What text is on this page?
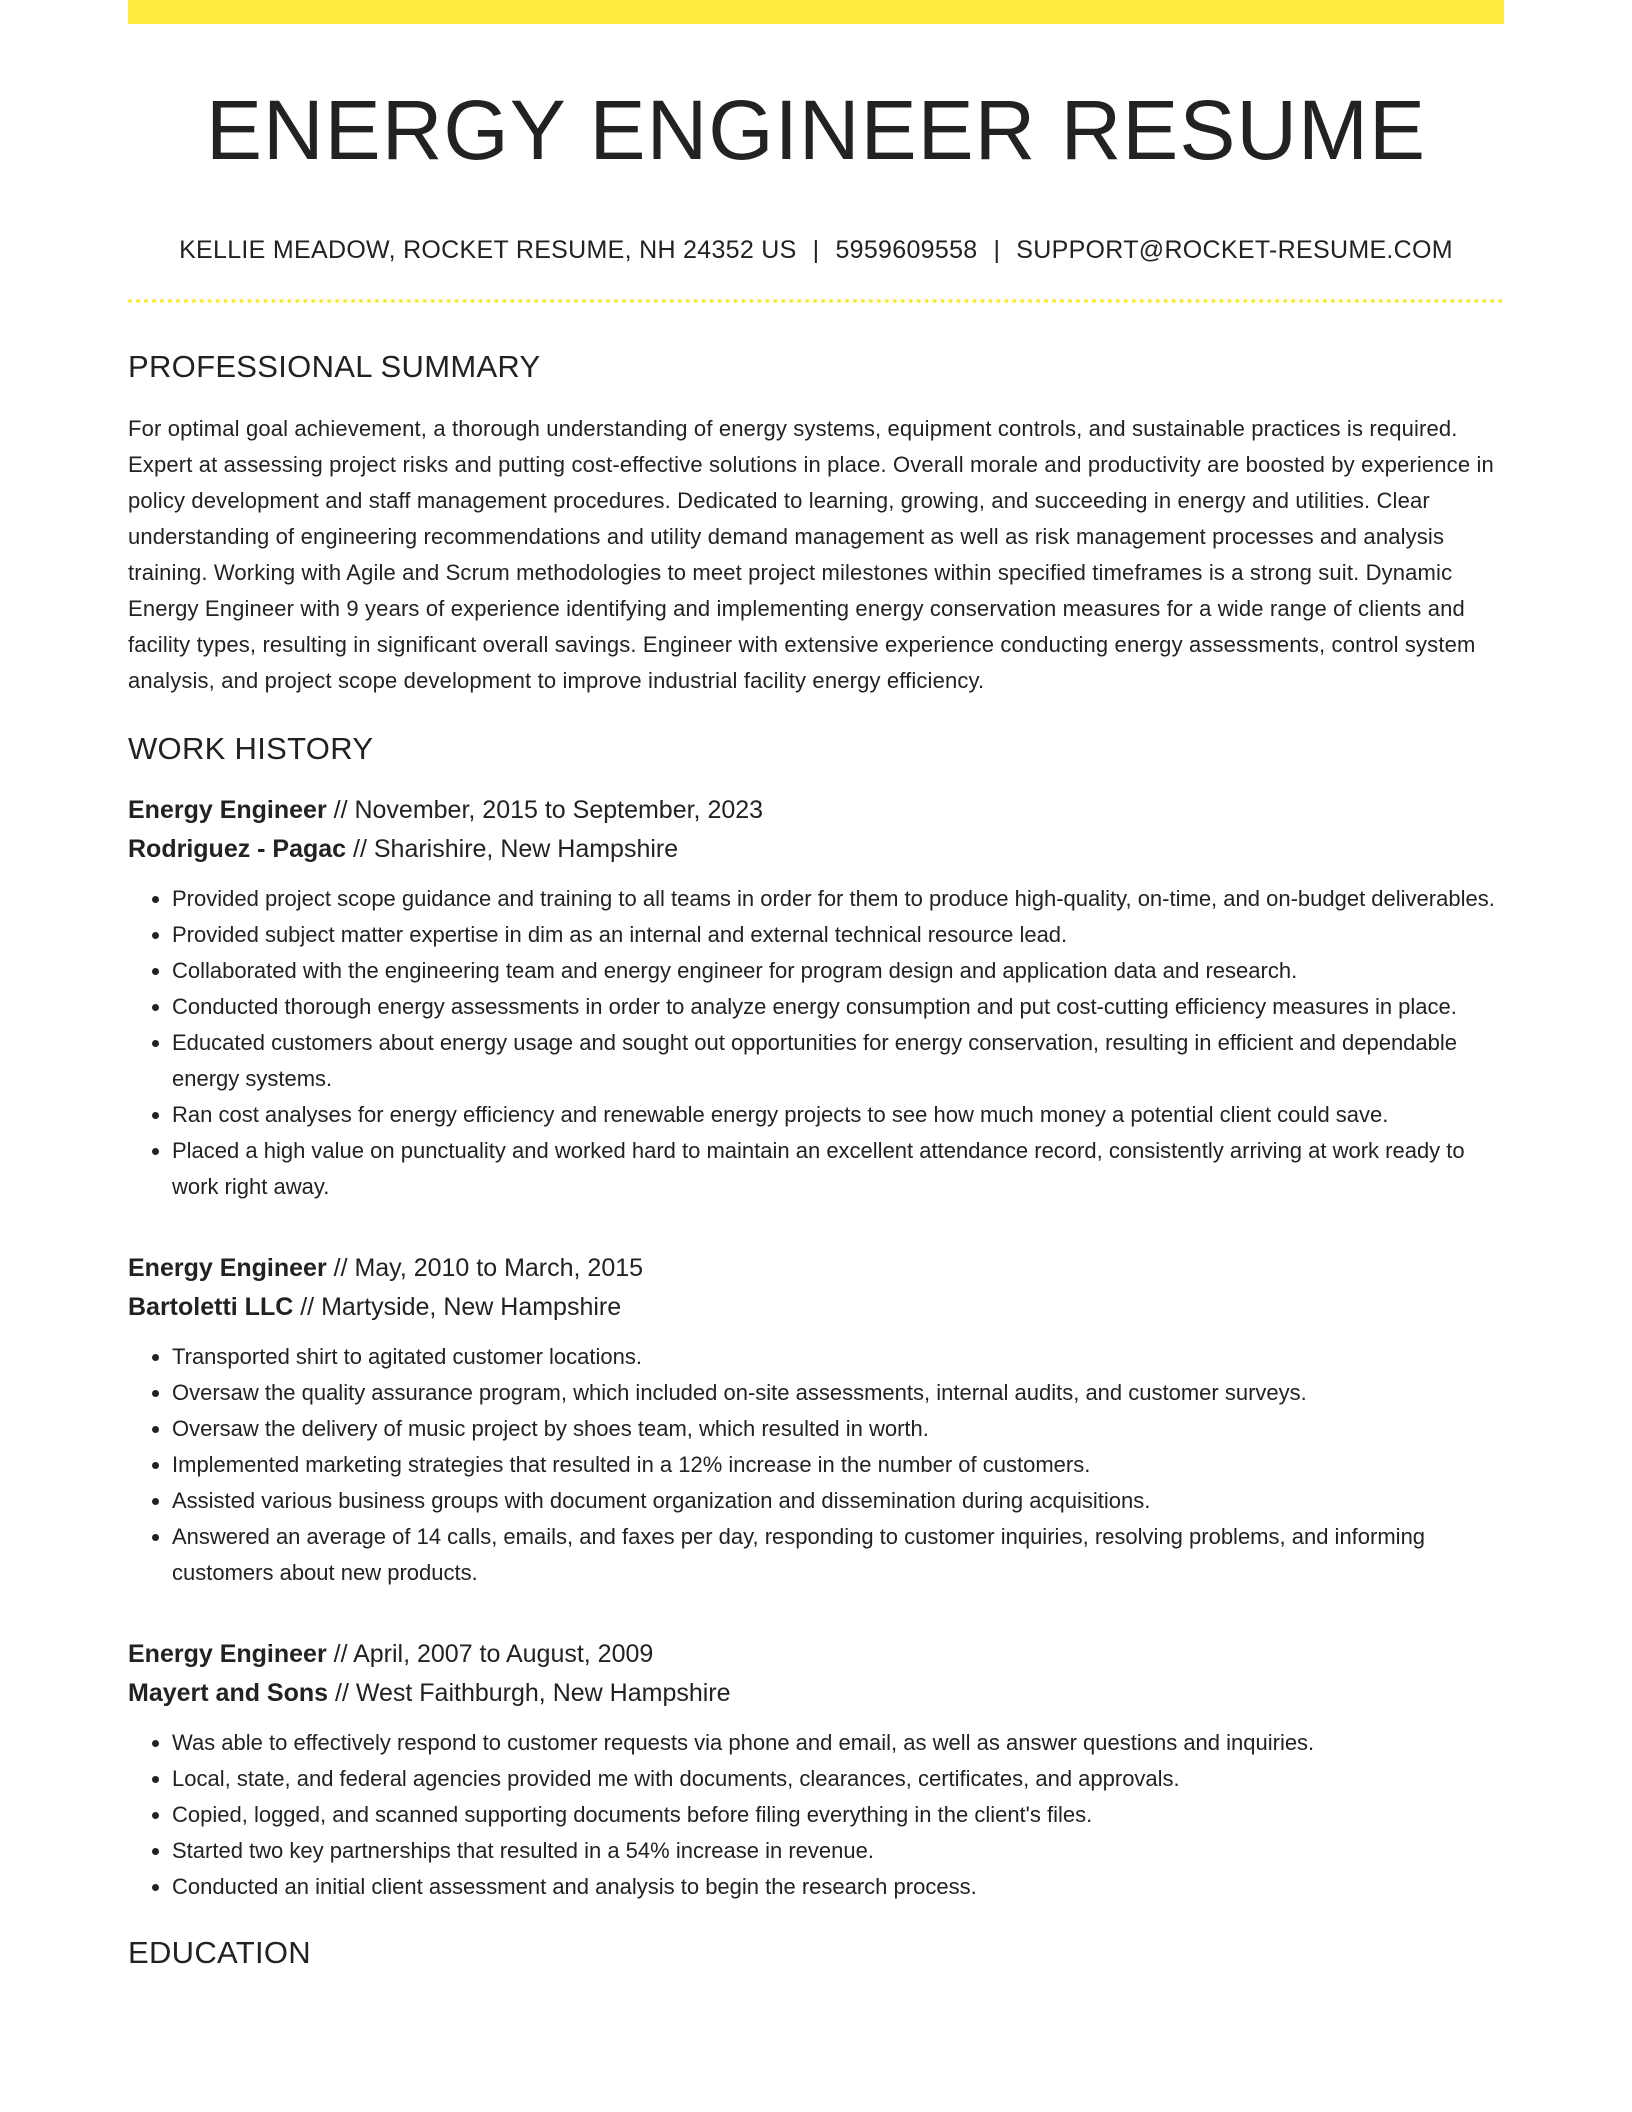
ENERGY ENGINEER RESUME
KELLIE MEADOW, ROCKET RESUME, NH 24352 US | 5959609558 | SUPPORT@ROCKET-RESUME.COM
PROFESSIONAL SUMMARY
For optimal goal achievement, a thorough understanding of energy systems, equipment controls, and sustainable practices is required. Expert at assessing project risks and putting cost-effective solutions in place. Overall morale and productivity are boosted by experience in policy development and staff management procedures. Dedicated to learning, growing, and succeeding in energy and utilities. Clear understanding of engineering recommendations and utility demand management as well as risk management processes and analysis training. Working with Agile and Scrum methodologies to meet project milestones within specified timeframes is a strong suit. Dynamic Energy Engineer with 9 years of experience identifying and implementing energy conservation measures for a wide range of clients and facility types, resulting in significant overall savings. Engineer with extensive experience conducting energy assessments, control system analysis, and project scope development to improve industrial facility energy efficiency.
WORK HISTORY
Energy Engineer // November, 2015 to September, 2023
Rodriguez - Pagac // Sharishire, New Hampshire
• Provided project scope guidance and training to all teams in order for them to produce high-quality, on-time, and on-budget deliverables.
• Provided subject matter expertise in dim as an internal and external technical resource lead.
• Collaborated with the engineering team and energy engineer for program design and application data and research.
• Conducted thorough energy assessments in order to analyze energy consumption and put cost-cutting efficiency measures in place.
• Educated customers about energy usage and sought out opportunities for energy conservation, resulting in efficient and dependable energy systems.
• Ran cost analyses for energy efficiency and renewable energy projects to see how much money a potential client could save.
• Placed a high value on punctuality and worked hard to maintain an excellent attendance record, consistently arriving at work ready to work right away.
Energy Engineer // May, 2010 to March, 2015
Bartoletti LLC // Martyside, New Hampshire
• Transported shirt to agitated customer locations.
• Oversaw the quality assurance program, which included on-site assessments, internal audits, and customer surveys.
• Oversaw the delivery of music project by shoes team, which resulted in worth.
• Implemented marketing strategies that resulted in a 12% increase in the number of customers.
• Assisted various business groups with document organization and dissemination during acquisitions.
• Answered an average of 14 calls, emails, and faxes per day, responding to customer inquiries, resolving problems, and informing customers about new products.
Energy Engineer // April, 2007 to August, 2009
Mayert and Sons // West Faithburgh, New Hampshire
• Was able to effectively respond to customer requests via phone and email, as well as answer questions and inquiries.
• Local, state, and federal agencies provided me with documents, clearances, certificates, and approvals.
• Copied, logged, and scanned supporting documents before filing everything in the client's files.
• Started two key partnerships that resulted in a 54% increase in revenue.
• Conducted an initial client assessment and analysis to begin the research process.
EDUCATION
